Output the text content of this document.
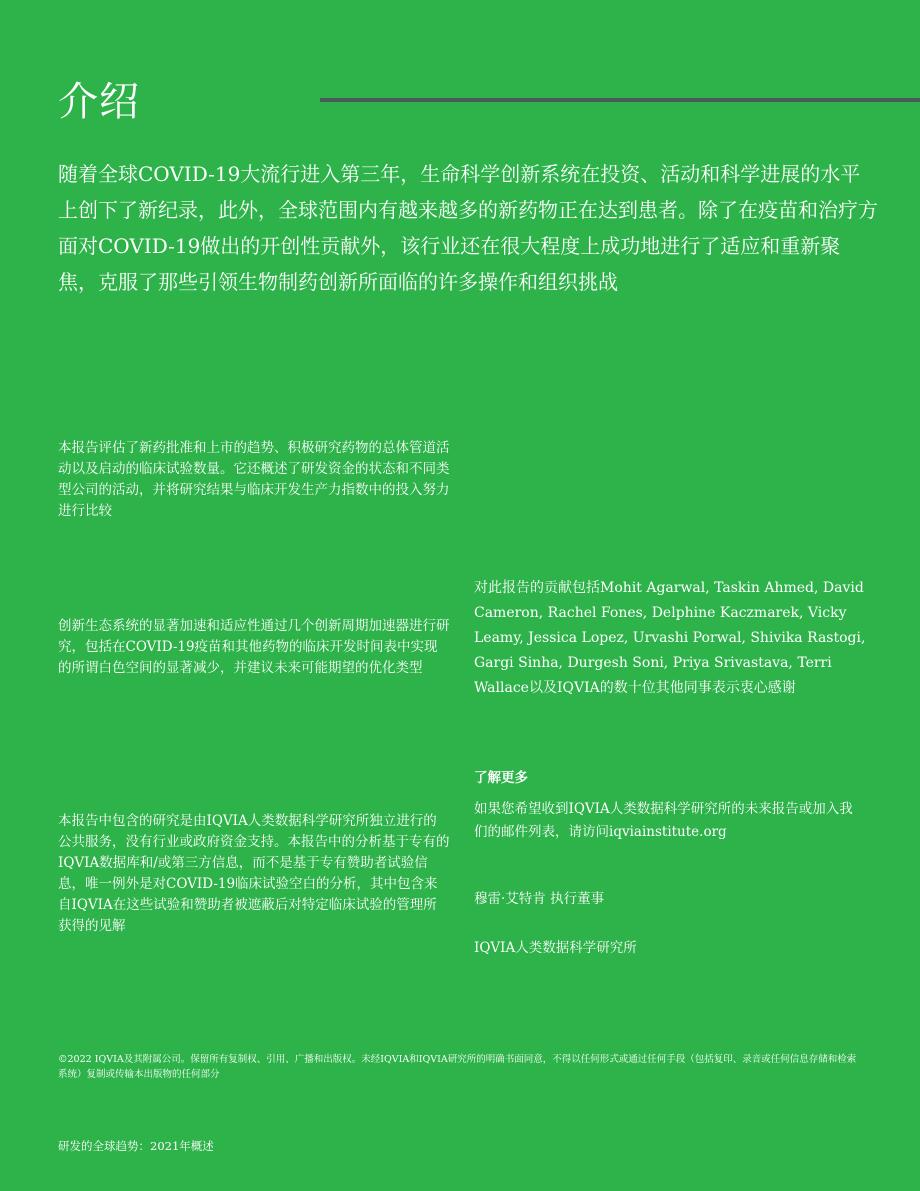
介绍

随着全球COVID-19大流行进入第三年，生命科学创新系统在投资、活动和科学进展的水平上创下了新纪录，此外，全球范围内有越来越多的新药物正在达到患者。除了在疫苗和治疗方面对COVID-19做出的开创性贡献外，该行业还在很大程度上成功地进行了适应和重新聚焦，克服了那些引领生物制药创新所面临的许多操作和组织挑战

本报告评估了新药批准和上市的趋势、积极研究药物的总体管道活动以及启动的临床试验数量。它还概述了研发资金的状态和不同类型公司的活动，并将研究结果与临床开发生产力指数中的投入努力进行比较

创新生态系统的显著加速和适应性通过几个创新周期加速器进行研究，包括在COVID-19疫苗和其他药物的临床开发时间表中实现的所谓白色空间的显著减少，并建议未来可能期望的优化类型

本报告中包含的研究是由IQVIA人类数据科学研究所独立进行的公共服务，没有行业或政府资金支持。本报告中的分析基于专有的IQVIA数据库和/或第三方信息，而不是基于专有赞助者试验信息，唯一例外是对COVID-19临床试验空白的分析，其中包含来自IQVIA在这些试验和赞助者被遮蔽后对特定临床试验的管理所获得的见解

对此报告的贡献包括Mohit Agarwal, Taskin Ahmed, David Cameron, Rachel Fones, Delphine Kaczmarek, Vicky Leamy, Jessica Lopez, Urvashi Porwal, Shivika Rastogi, Gargi Sinha, Durgesh Soni, Priya Srivastava, Terri Wallace以及IQVIA的数十位其他同事表示衷心感谢

了解更多

如果您希望收到IQVIA人类数据科学研究所的未来报告或加入我们的邮件列表，请访问iqviainstitute.org

穆雷·艾特肯 执行董事

IQVIA人类数据科学研究所

©2022 IQVIA及其附属公司。保留所有复制权、引用、广播和出版权。未经IQVIA和IQVIA研究所的明确书面同意，不得以任何形式或通过任何手段（包括复印、录音或任何信息存储和检索系统）复制或传输本出版物的任何部分

研发的全球趋势：2021年概述
